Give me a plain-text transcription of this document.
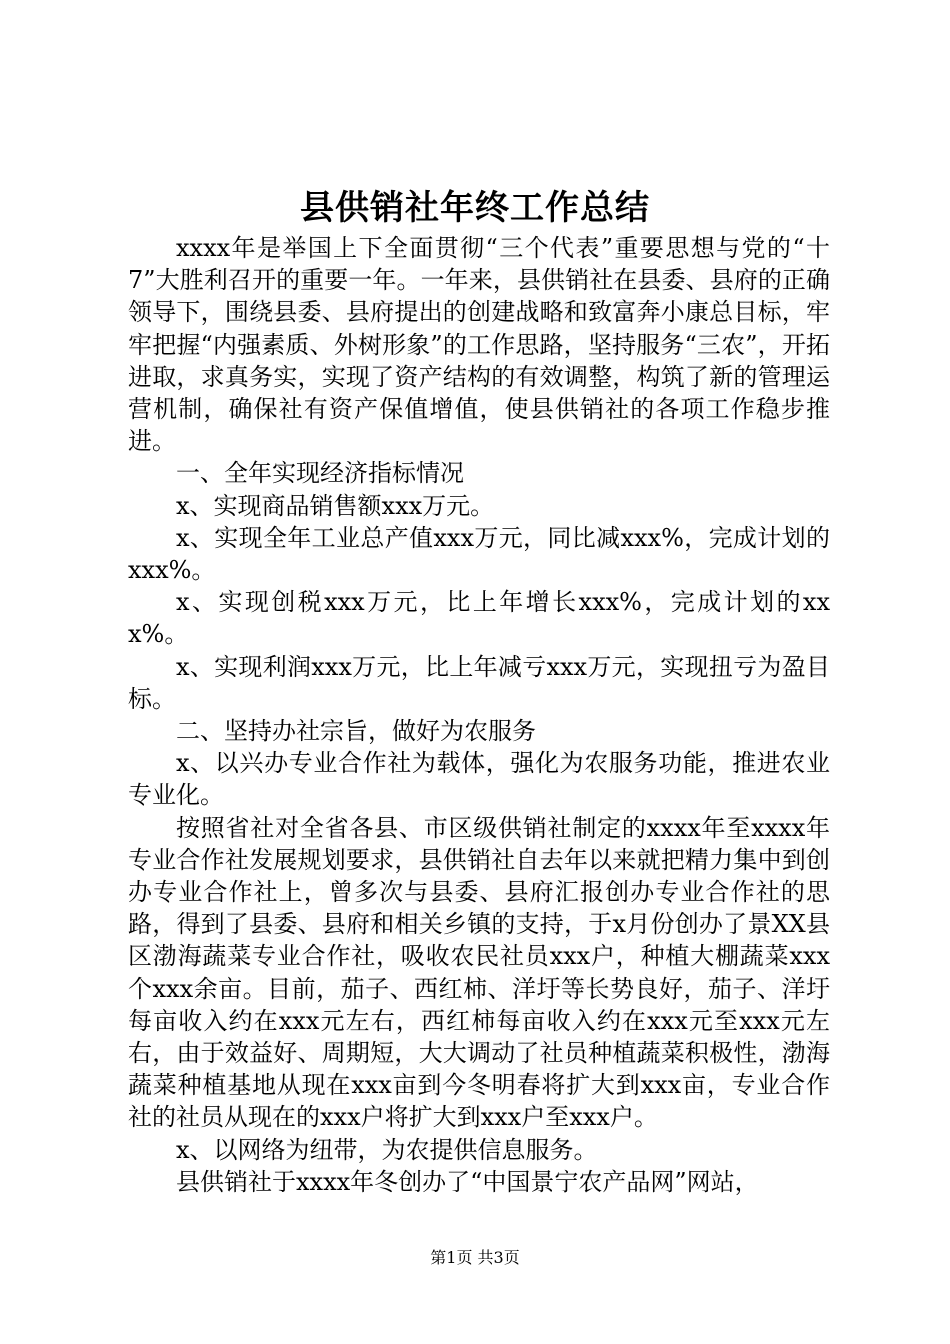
县供销社年终工作总结

xxxx年是举国上下全面贯彻“三个代表”重要思想与党的“十7”大胜利召开的重要一年。一年来，县供销社在县委、县府的正确领导下，围绕县委、县府提出的创建战略和致富奔小康总目标，牢牢把握“内强素质、外树形象”的工作思路，坚持服务“三农”，开拓进取，求真务实，实现了资产结构的有效调整，构筑了新的管理运营机制，确保社有资产保值增值，使县供销社的各项工作稳步推进。

一、全年实现经济指标情况

x、实现商品销售额xxx万元。

x、实现全年工业总产值xxx万元，同比减xxx%，完成计划的xxx%。

x、实现创税xxx万元，比上年增长xxx%，完成计划的xxx%。

x、实现利润xxx万元，比上年减亏xxx万元，实现扭亏为盈目标。

二、坚持办社宗旨，做好为农服务

x、以兴办专业合作社为载体，强化为农服务功能，推进农业专业化。

按照省社对全省各县、市区级供销社制定的xxxx年至xxxx年专业合作社发展规划要求，县供销社自去年以来就把精力集中到创办专业合作社上，曾多次与县委、县府汇报创办专业合作社的思路，得到了县委、县府和相关乡镇的支持，于x月份创办了景XX县区渤海蔬菜专业合作社，吸收农民社员xxx户，种植大棚蔬菜xxx个xxx余亩。目前，茄子、西红柿、洋圩等长势良好，茄子、洋圩每亩收入约在xxx元左右，西红柿每亩收入约在xxx元至xxx元左右，由于效益好、周期短，大大调动了社员种植蔬菜积极性，渤海蔬菜种植基地从现在xxx亩到今冬明春将扩大到xxx亩，专业合作社的社员从现在的xxx户将扩大到xxx户至xxx户。

x、以网络为纽带，为农提供信息服务。

县供销社于xxxx年冬创办了“中国景宁农产品网”网站，

第1页 共3页
